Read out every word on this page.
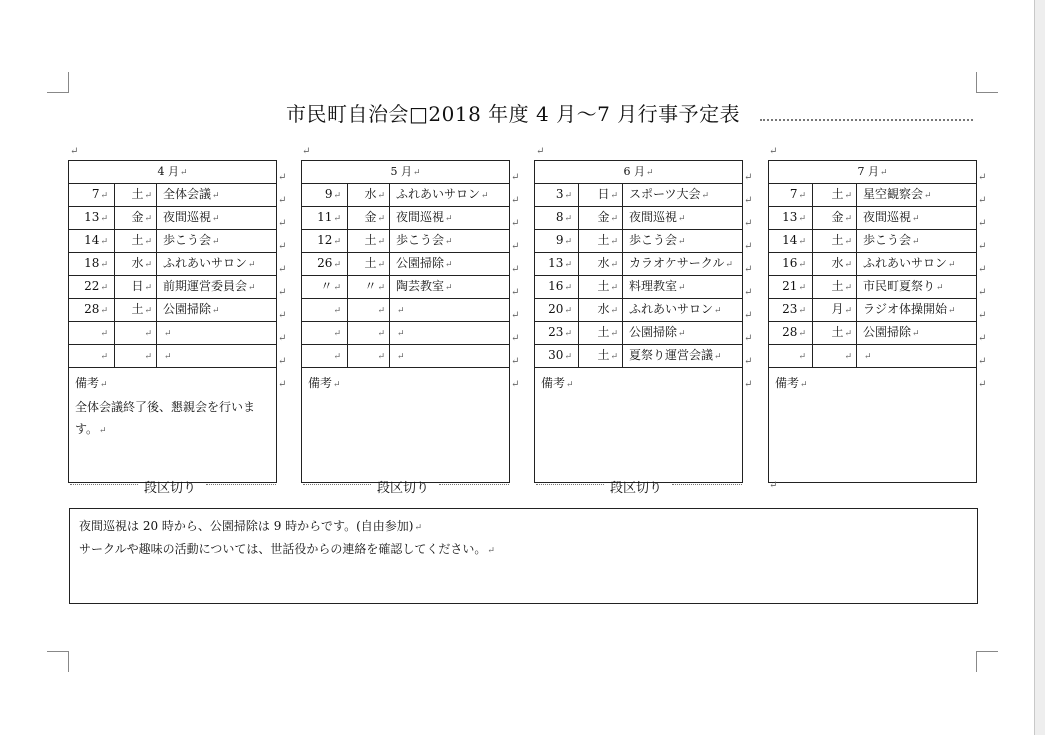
市民町自治会□2018 年度 4 月～7 月行事予定表
↵	↵	↵	↵
4 月↵		
7↵	土↵	全体会議↵
13↵	金↵	夜間巡視↵
14↵	土↵	歩こう会↵
18↵	水↵	ふれあいサロン↵
22↵	日↵	前期運営委員会↵
28↵	土↵	公園掃除↵
↵	↵	↵
↵	↵	↵
備考↵
全体会議終了後、懇親会を行います。↵		
5 月↵		
9↵	水↵	ふれあいサロン↵
11↵	金↵	夜間巡視↵
12↵	土↵	歩こう会↵
26↵	土↵	公園掃除↵
〃↵	〃↵	陶芸教室↵
↵	↵	↵
↵	↵	↵
↵	↵	↵
備考↵		
6 月↵		
3↵	日↵	スポーツ大会↵
8↵	金↵	夜間巡視↵
9↵	土↵	歩こう会↵
13↵	水↵	カラオケサークル↵
16↵	土↵	料理教室↵
20↵	水↵	ふれあいサロン↵
23↵	土↵	公園掃除↵
30↵	土↵	夏祭り運営会議↵
備考↵		
7 月↵		
7↵	土↵	星空観察会↵
13↵	金↵	夜間巡視↵
14↵	土↵	歩こう会↵
16↵	水↵	ふれあいサロン↵
21↵	土↵	市民町夏祭り↵
23↵	月↵	ラジオ体操開始↵
28↵	土↵	公園掃除↵
↵	↵	↵
備考↵		
↵
↵
↵
↵
↵
↵
↵
↵
↵
↵
↵
↵
↵
↵
↵
↵
↵
↵
↵
↵
↵
↵
↵
↵
↵
↵
↵
↵
↵
↵
↵
↵
↵
↵
↵
↵
↵
↵
↵
↵
段区切り	段区切り	段区切り	↵
夜間巡視は 20 時から、公園掃除は 9 時からです。(自由参加)↵
サークルや趣味の活動については、世話役からの連絡を確認してください。↵
